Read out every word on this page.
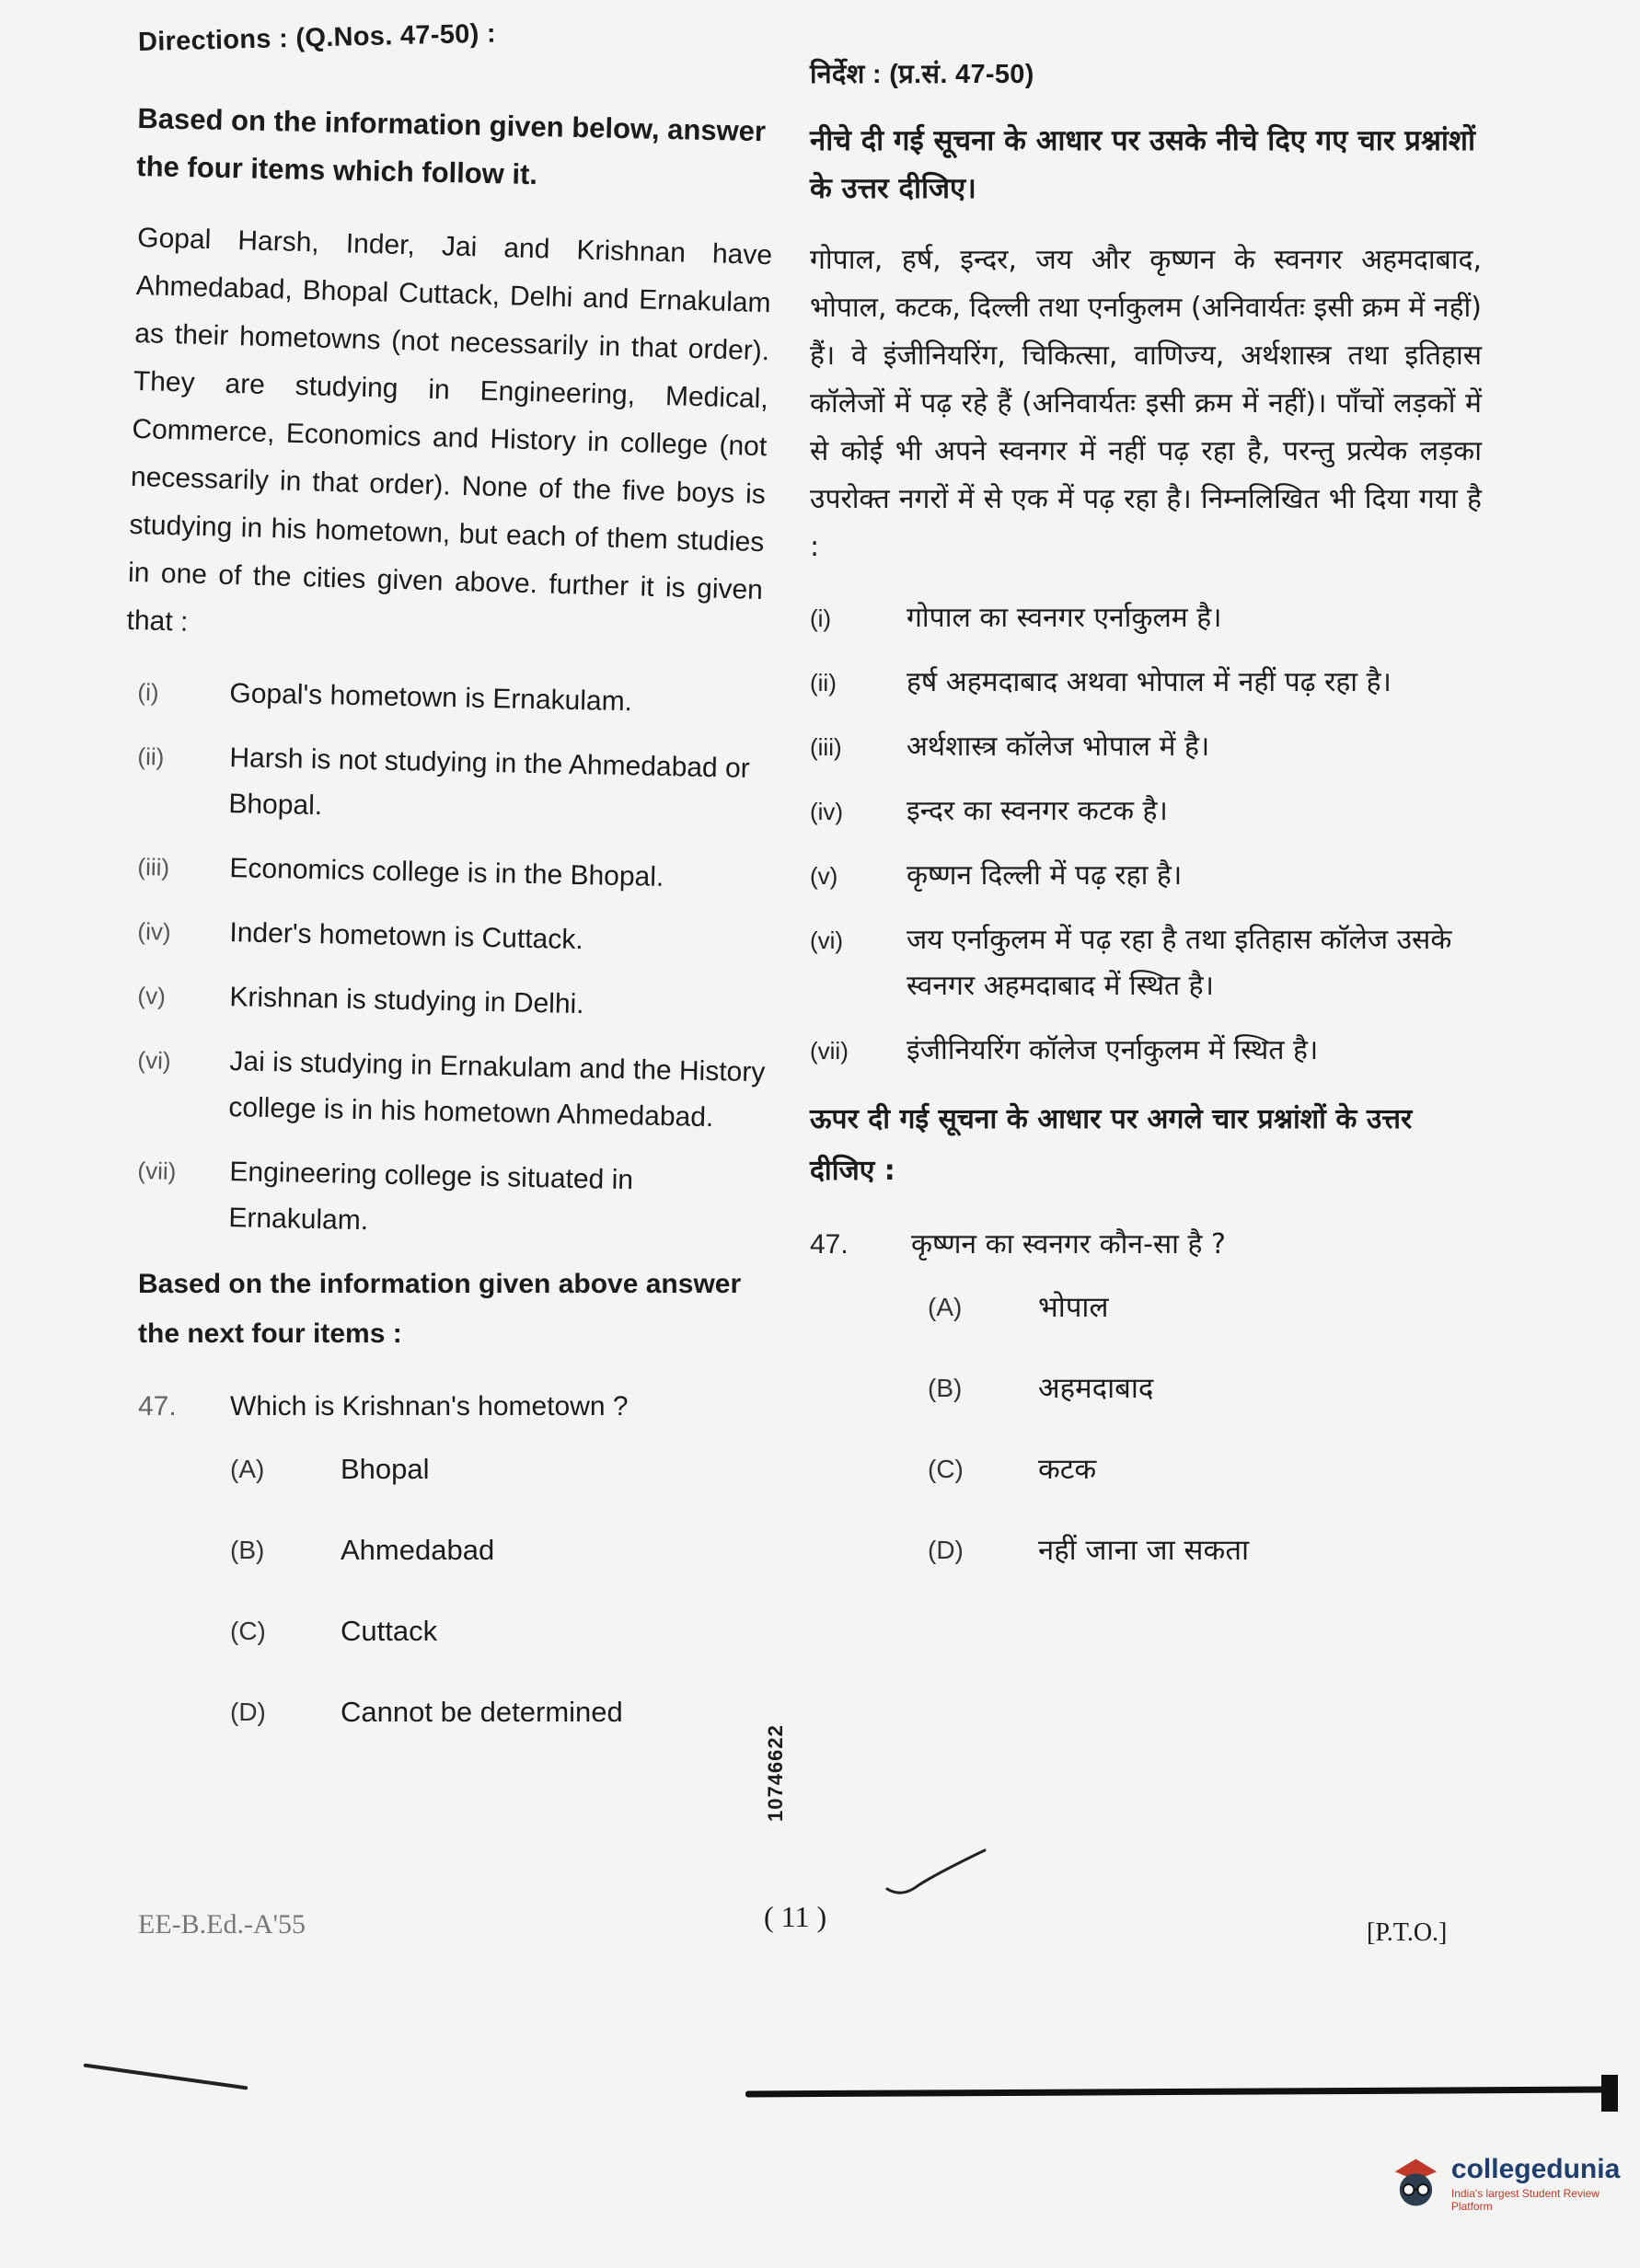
Directions : (Q.Nos. 47-50) :
Based on the information given below, answer the four items which follow it.
Gopal Harsh, Inder, Jai and Krishnan have Ahmedabad, Bhopal Cuttack, Delhi and Ernakulam as their hometowns (not necessarily in that order). They are studying in Engineering, Medical, Commerce, Economics and History in college (not necessarily in that order). None of the five boys is studying in his hometown, but each of them studies in one of the cities given above. further it is given that :
(i)	Gopal's hometown is Ernakulam.
(ii)	Harsh is not studying in the Ahmedabad or Bhopal.
(iii)	Economics college is in the Bhopal.
(iv)	Inder's hometown is Cuttack.
(v)	Krishnan is studying in Delhi.
(vi)	Jai is studying in Ernakulam and the History college is in his hometown Ahmedabad.
(vii)	Engineering college is situated in Ernakulam.
Based on the information given above answer the next four items :
47.	Which is Krishnan's hometown ?
(A)	Bhopal
(B)	Ahmedabad
(C)	Cuttack
(D)	Cannot be determined
निर्देश : (प्र.सं. 47-50)
नीचे दी गई सूचना के आधार पर उसके नीचे दिए गए चार प्रश्नांशों के उत्तर दीजिए।
गोपाल, हर्ष, इन्दर, जय और कृष्णन के स्वनगर अहमदाबाद, भोपाल, कटक, दिल्ली तथा एर्नाकुलम (अनिवार्यतः इसी क्रम में नहीं) हैं। वे इंजीनियरिंग, चिकित्सा, वाणिज्य, अर्थशास्त्र तथा इतिहास कॉलेजों में पढ़ रहे हैं (अनिवार्यतः इसी क्रम में नहीं)। पाँचों लड़कों में से कोई भी अपने स्वनगर में नहीं पढ़ रहा है, परन्तु प्रत्येक लड़का उपरोक्त नगरों में से एक में पढ़ रहा है। निम्नलिखित भी दिया गया है :
(i)	गोपाल का स्वनगर एर्नाकुलम है।
(ii)	हर्ष अहमदाबाद अथवा भोपाल में नहीं पढ़ रहा है।
(iii)	अर्थशास्त्र कॉलेज भोपाल में है।
(iv)	इन्दर का स्वनगर कटक है।
(v)	कृष्णन दिल्ली में पढ़ रहा है।
(vi)	जय एर्नाकुलम में पढ़ रहा है तथा इतिहास कॉलेज उसके स्वनगर अहमदाबाद में स्थित है।
(vii)	इंजीनियरिंग कॉलेज एर्नाकुलम में स्थित है।
ऊपर दी गई सूचना के आधार पर अगले चार प्रश्नांशों के उत्तर दीजिए :
47.	कृष्णन का स्वनगर कौन-सा है ?
(A)	भोपाल
(B)	अहमदाबाद
(C)	कटक
(D)	नहीं जाना जा सकता
10746622
EE-B.Ed.-A'55	( 11 )	[P.T.O.]
collegedunia
India's largest Student Review Platform
